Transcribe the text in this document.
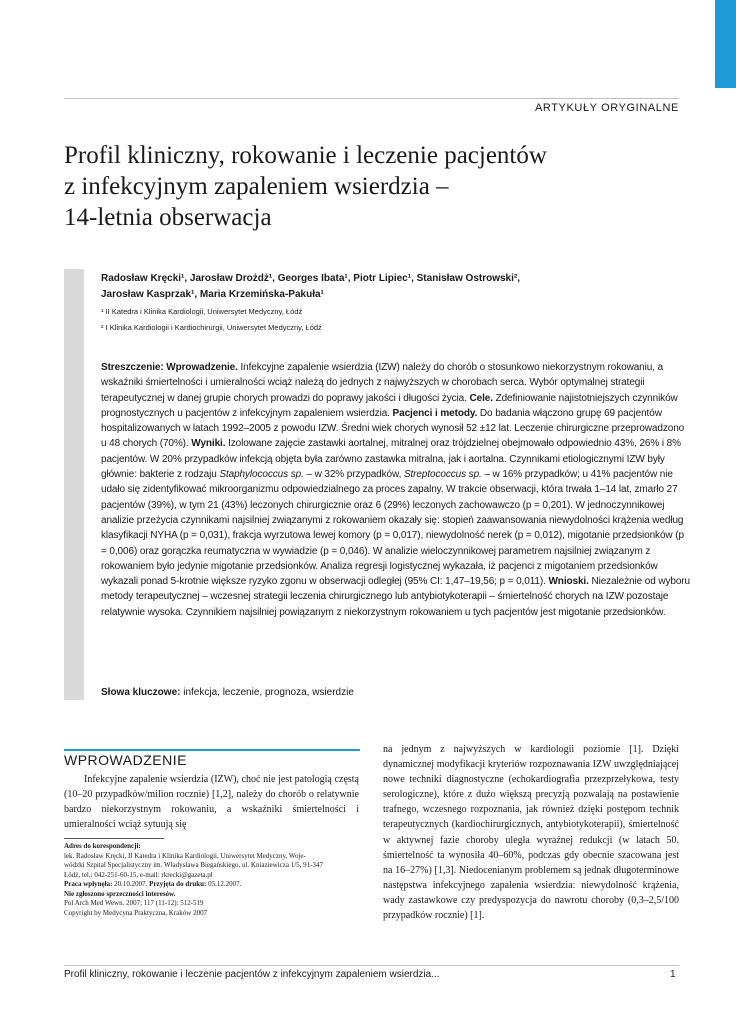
ARTYKUŁY ORYGINALNE
Profil kliniczny, rokowanie i leczenie pacjentów
z infekcyjnym zapaleniem wsierdzia –
14-letnia obserwacja
Radosław Kręcki¹, Jarosław Drożdż¹, Georges Ibata¹, Piotr Lipiec¹, Stanisław Ostrowski²,
Jarosław Kasprzak¹, Maria Krzemińska-Pakuła¹
¹ II Katedra i Klinika Kardiologii, Uniwersytet Medyczny, Łódź
² I Klinika Kardiologii i Kardiochirurgii, Uniwersytet Medyczny, Łódź

Streszczenie: Wprowadzenie. Infekcyjne zapalenie wsierdzia (IZW) należy do chorób o stosunkowo niekorzystnym rokowaniu, a wskaźniki śmiertelności i umieralności wciąż należą do jednych z najwyższych w chorobach serca. Wybór optymalnej strategii terapeutycznej w danej grupie chorych prowadzi do poprawy jakości i długości życia. Cele. Zdefiniowanie najistotniejszych czynników prognostycznych u pacjentów z infekcyjnym zapaleniem wsierdzia. Pacjenci i metody. Do badania włączono grupę 69 pacjentów hospitalizowanych w latach 1992–2005 z powodu IZW. Średni wiek chorych wynosił 52 ±12 lat. Leczenie chirurgiczne przeprowadzono u 48 chorych (70%). Wyniki. Izolowane zajęcie zastawki aortalnej, mitralnej oraz trójdzielnej obejmowało odpowiednio 43%, 26% i 8% pacjentów. W 20% przypadków infekcją objęta była zarówno zastawka mitralna, jak i aortalna. Czynnikami etiologicznymi IZW były głównie: bakterie z rodzaju Staphylococcus sp. – w 32% przypadków, Streptococcus sp. – w 16% przypadków; u 41% pacjentów nie udało się zidentyfikować mikroorganizmu odpowiedzialnego za proces zapalny. W trakcie obserwacji, która trwała 1–14 lat, zmarło 27 pacjentów (39%), w tym 21 (43%) leczonych chirurgicznie oraz 6 (29%) leczonych zachowawczo (p = 0,201). W jednoczynnikowej analizie przeżycia czynnikami najsilniej związanymi z rokowaniem okazały się: stopień zaawansowania niewydolności krążenia według klasyfikacji NYHA (p = 0,031), frakcja wyrzutowa lewej komory (p = 0,017), niewydolność nerek (p = 0,012), migotanie przedsionków (p = 0,006) oraz gorączka reumatyczna w wywiadzie (p = 0,046). W analizie wieloczynnikowej parametrem najsilniej związanym z rokowaniem było jedynie migotanie przedsionków. Analiza regresji logistycznej wykazała, iż pacjenci z migotaniem przedsionków wykazali ponad 5-krotnie większe ryzyko zgonu w obserwacji odległej (95% CI: 1,47–19,56; p = 0,011). Wnioski. Niezależnie od wyboru metody terapeutycznej – wczesnej strategii leczenia chirurgicznego lub antybiotykoterapii – śmiertelność chorych na IZW pozostaje relatywnie wysoka. Czynnikiem najsilniej powiązanym z niekorzystnym rokowaniem u tych pacjentów jest migotanie przedsionków.

Słowa kluczowe: infekcja, leczenie, prognoza, wsierdzie
WPROWADZENIE

Infekcyjne zapalenie wsierdzia (IZW), choć nie jest patologią częstą (10–20 przypadków/milion rocznie) [1,2], należy do chorób o relatywnie bardzo niekorzystnym rokowaniu, a wskaźniki śmiertelności i umieralności wciąż sytuują się

Adres do korespondencji:
lek. Radosław Kręcki, II Katedra i Klinika Kardiologii, Uniwersytet Medyczny, Woje-
wódzki Szpital Specjalistyczny im. Władysława Biegańskiego, ul. Kniaziewicza 1/5, 91-347
Łódź, tel.: 042-251-60-15, e-mail: rkrecki@gazeta.pl
Praca wpłynęła: 20.10.2007. Przyjęta do druku: 05.12.2007.
Nie zgłoszono sprzeczności interesów.
Pol Arch Med Wewn. 2007; 117 (11-12): 512-519
Copyright by Medycyna Praktyczna, Kraków 2007

na jednym z najwyższych w kardiologii poziomie [1]. Dzięki dynamicznej modyfikacji kryteriów rozpoznawania IZW uwzględniającej nowe techniki diagnostyczne (echokardiografia przezprzełykowa, testy serologiczne), które z dużo większą precyzją pozwalają na postawienie trafnego, wczesnego rozpoznania, jak również dzięki postępom technik terapeutycznych (kardiochirurgicznych, antybiotykoterapii), śmiertelność w aktywnej fazie choroby uległa wyraźnej redukcji (w latach 50. śmiertelność ta wynosiła 40–60%, podczas gdy obecnie szacowana jest na 16–27%) [1,3]. Niedocenianym problemem są jednak długoterminowe następstwa infekcyjnego zapalenia wsierdzia: niewydolność krążenia, wady zastawkowe czy predyspozycja do nawrotu choroby (0,3–2,5/100 przypadków rocznie) [1].

Profil kliniczny, rokowanie i leczenie pacjentów z infekcyjnym zapaleniem wsierdzia...	1
